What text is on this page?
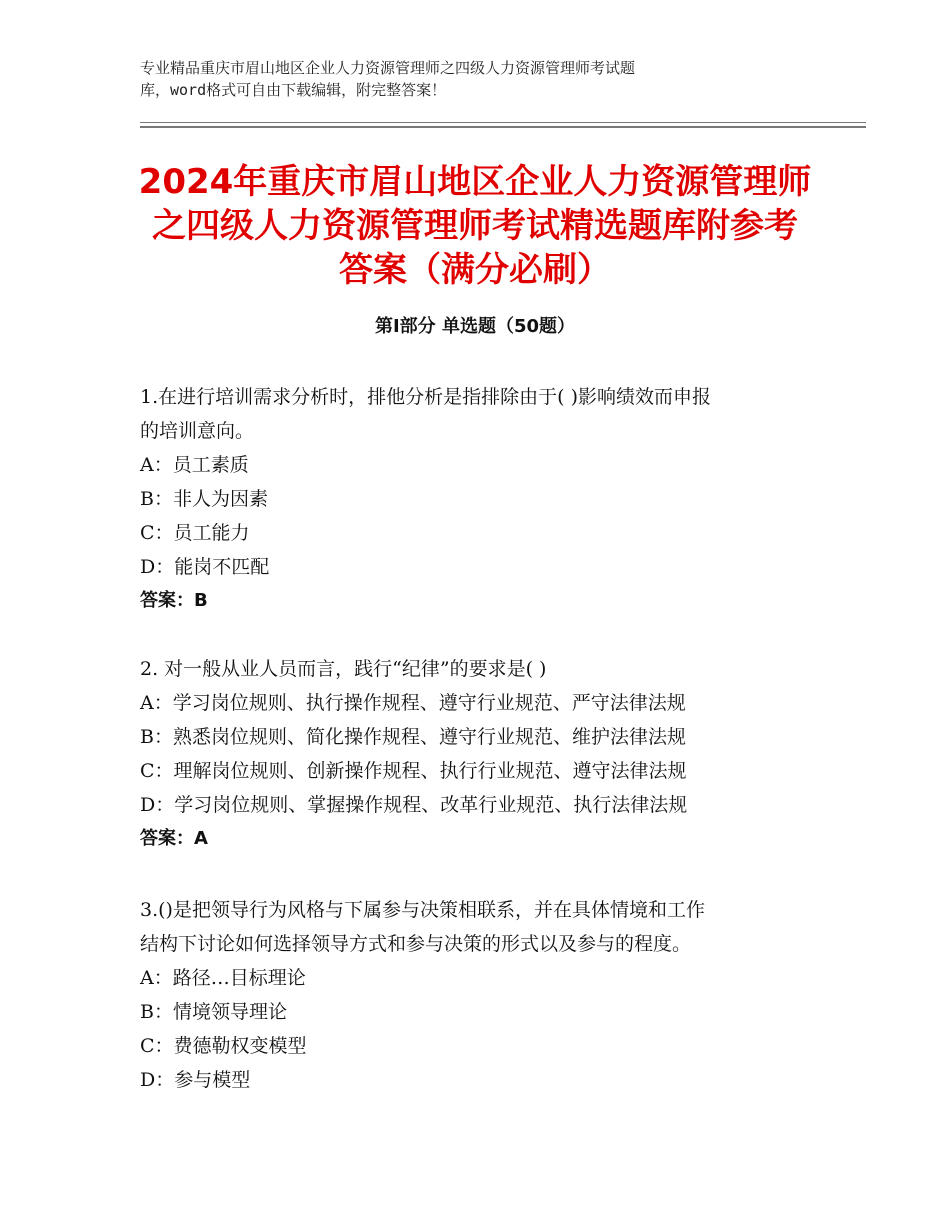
专业精品重庆市眉山地区企业人力资源管理师之四级人力资源管理师考试题
库，word格式可自由下载编辑，附完整答案！
2024年重庆市眉山地区企业人力资源管理师
之四级人力资源管理师考试精选题库附参考
答案（满分必刷）
第Ⅰ部分 单选题（50题）
1.在进行培训需求分析时，排他分析是指排除由于( )影响绩效而申报
的培训意向。
A：员工素质
B：非人为因素
C：员工能力
D：能岗不匹配
答案：B
2. 对一般从业人员而言，践行“纪律”的要求是( )
A：学习岗位规则、执行操作规程、遵守行业规范、严守法律法规
B：熟悉岗位规则、简化操作规程、遵守行业规范、维护法律法规
C：理解岗位规则、创新操作规程、执行行业规范、遵守法律法规
D：学习岗位规则、掌握操作规程、改革行业规范、执行法律法规
答案：A
3.()是把领导行为风格与下属参与决策相联系，并在具体情境和工作
结构下讨论如何选择领导方式和参与决策的形式以及参与的程度。
A：路径…目标理论
B：情境领导理论
C：费德勒权变模型
D：参与模型
